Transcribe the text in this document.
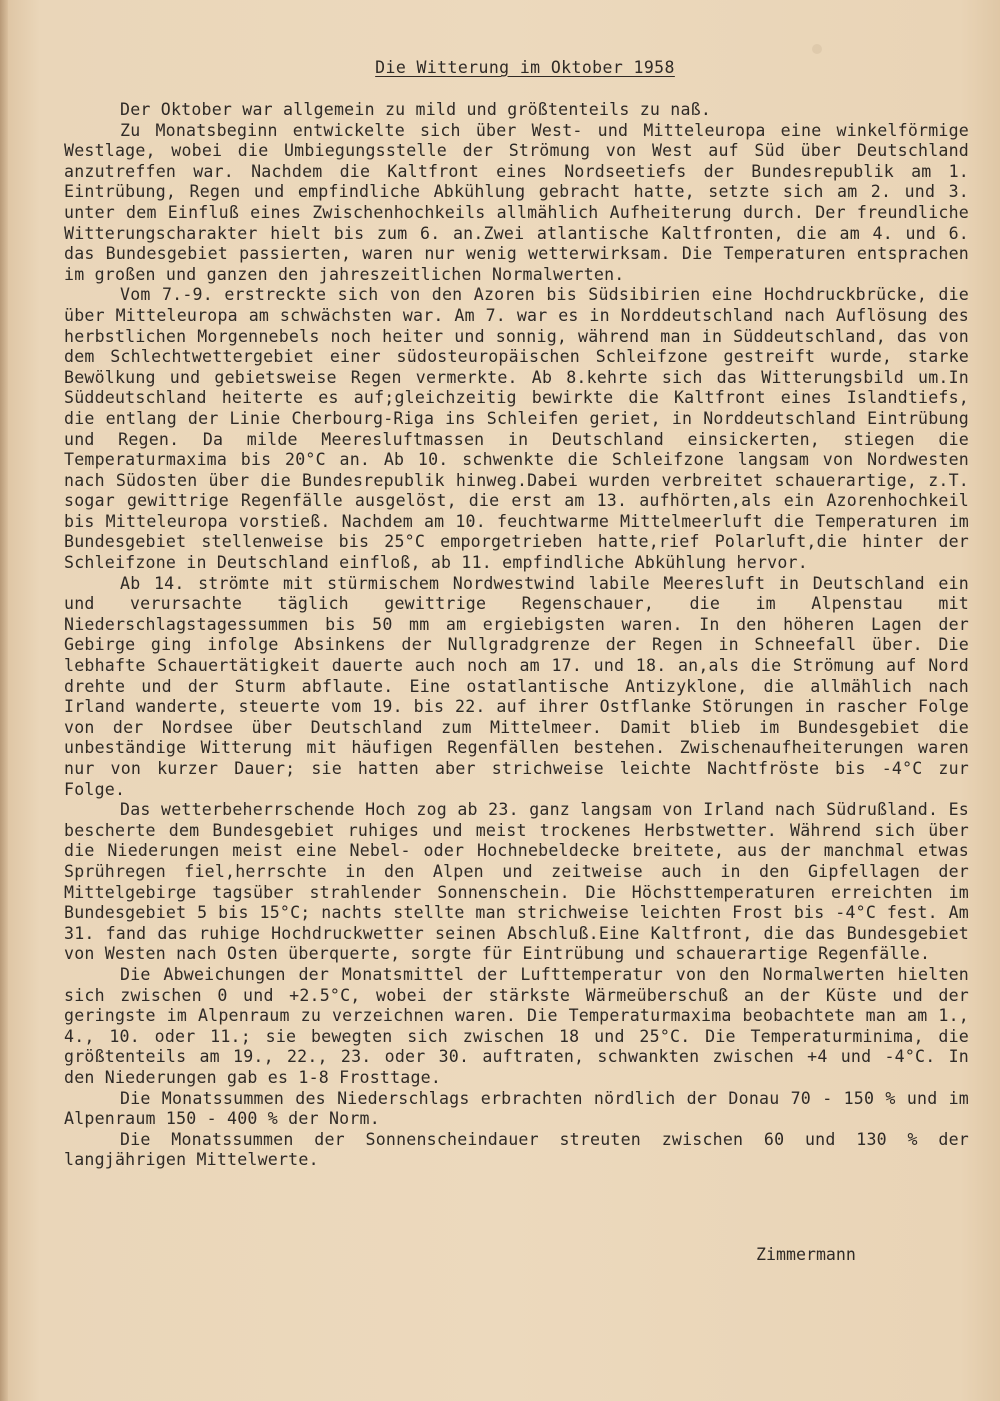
Die Witterung im Oktober 1958

Der Oktober war allgemein zu mild und größtenteils zu naß.

Zu Monatsbeginn entwickelte sich über West- und Mitteleuropa eine winkelförmige Westlage, wobei die Umbiegungsstelle der Strömung von West auf Süd über Deutschland anzutreffen war. Nachdem die Kaltfront eines Nordseetiefs der Bundesrepublik am 1. Eintrübung, Regen und empfindliche Abkühlung gebracht hatte, setzte sich am 2. und 3. unter dem Einfluß eines Zwischenhochkeils allmählich Aufheiterung durch. Der freundliche Witterungscharakter hielt bis zum 6. an.Zwei atlantische Kaltfronten, die am 4. und 6. das Bundesgebiet passierten, waren nur wenig wetterwirksam. Die Temperaturen entsprachen im großen und ganzen den jahreszeitlichen Normalwerten.

Vom 7.-9. erstreckte sich von den Azoren bis Südsibirien eine Hochdruckbrücke, die über Mitteleuropa am schwächsten war. Am 7. war es in Norddeutschland nach Auflösung des herbstlichen Morgennebels noch heiter und sonnig, während man in Süddeutschland, das von dem Schlechtwettergebiet einer südosteuropäischen Schleifzone gestreift wurde, starke Bewölkung und gebietsweise Regen vermerkte. Ab 8.kehrte sich das Witterungsbild um.In Süddeutschland heiterte es auf;gleichzeitig bewirkte die Kaltfront eines Islandtiefs, die entlang der Linie Cherbourg-Riga ins Schleifen geriet, in Norddeutschland Eintrübung und Regen. Da milde Meeresluftmassen in Deutschland einsickerten, stiegen die Temperaturmaxima bis 20°C an. Ab 10. schwenkte die Schleifzone langsam von Nordwesten nach Südosten über die Bundesrepublik hinweg.Dabei wurden verbreitet schauerartige, z.T. sogar gewittrige Regenfälle ausgelöst, die erst am 13. aufhörten,als ein Azorenhochkeil bis Mitteleuropa vorstieß. Nachdem am 10. feuchtwarme Mittelmeerluft die Temperaturen im Bundesgebiet stellenweise bis 25°C emporgetrieben hatte,rief Polarluft,die hinter der Schleifzone in Deutschland einfloß, ab 11. empfindliche Abkühlung hervor.

Ab 14. strömte mit stürmischem Nordwestwind labile Meeresluft in Deutschland ein und verursachte täglich gewittrige Regenschauer, die im Alpenstau mit Niederschlagstagessummen bis 50 mm am ergiebigsten waren. In den höheren Lagen der Gebirge ging infolge Absinkens der Nullgradgrenze der Regen in Schneefall über. Die lebhafte Schauertätigkeit dauerte auch noch am 17. und 18. an,als die Strömung auf Nord drehte und der Sturm abflaute. Eine ostatlantische Antizyklone, die allmählich nach Irland wanderte, steuerte vom 19. bis 22. auf ihrer Ostflanke Störungen in rascher Folge von der Nordsee über Deutschland zum Mittelmeer. Damit blieb im Bundesgebiet die unbeständige Witterung mit häufigen Regenfällen bestehen. Zwischenaufheiterungen waren nur von kurzer Dauer; sie hatten aber strichweise leichte Nachtfröste bis -4°C zur Folge.

Das wetterbeherrschende Hoch zog ab 23. ganz langsam von Irland nach Südrußland. Es bescherte dem Bundesgebiet ruhiges und meist trockenes Herbstwetter. Während sich über die Niederungen meist eine Nebel- oder Hochnebeldecke breitete, aus der manchmal etwas Sprühregen fiel,herrschte in den Alpen und zeitweise auch in den Gipfellagen der Mittelgebirge tagsüber strahlender Sonnenschein. Die Höchsttemperaturen erreichten im Bundesgebiet 5 bis 15°C; nachts stellte man strichweise leichten Frost bis -4°C fest. Am 31. fand das ruhige Hochdruckwetter seinen Abschluß.Eine Kaltfront, die das Bundesgebiet von Westen nach Osten überquerte, sorgte für Eintrübung und schauerartige Regenfälle.

Die Abweichungen der Monatsmittel der Lufttemperatur von den Normalwerten hielten sich zwischen 0 und +2.5°C, wobei der stärkste Wärmeüberschuß an der Küste und der geringste im Alpenraum zu verzeichnen waren. Die Temperaturmaxima beobachtete man am 1., 4., 10. oder 11.; sie bewegten sich zwischen 18 und 25°C. Die Temperaturminima, die größtenteils am 19., 22., 23. oder 30. auftraten, schwankten zwischen +4 und -4°C. In den Niederungen gab es 1-8 Frosttage.

Die Monatssummen des Niederschlags erbrachten nördlich der Donau 70 - 150 % und im Alpenraum 150 - 400 % der Norm.

Die Monatssummen der Sonnenscheindauer streuten zwischen 60 und 130 % der langjährigen Mittelwerte.

Zimmermann
